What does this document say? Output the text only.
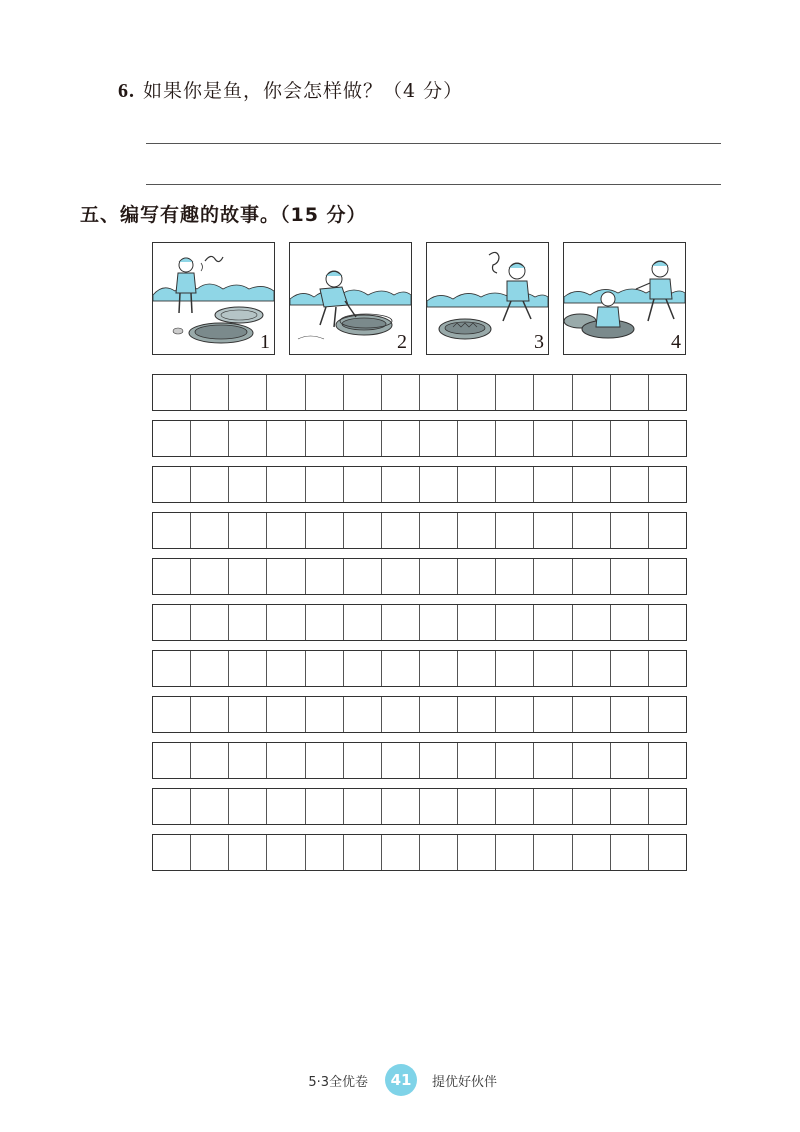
6. 如果你是鱼，你会怎样做？（4 分）
五、编写有趣的故事。（15 分）
1	2	3	4
5·3全优卷	41	提优好伙伴
